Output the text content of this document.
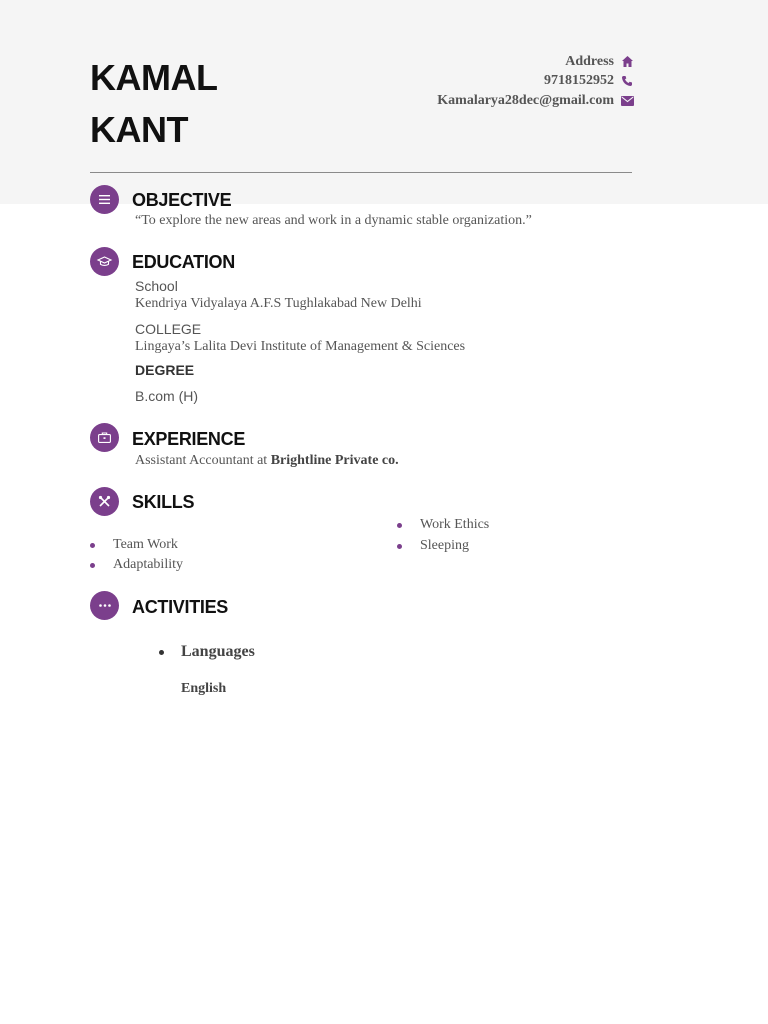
KAMAL
KANT
Address
9718152952
Kamalarya28dec@gmail.com
OBJECTIVE
“To explore the new areas and work in a dynamic stable organization.”
EDUCATION
School
Kendriya Vidyalaya A.F.S Tughlakabad New Delhi
COLLEGE
Lingaya’s Lalita Devi Institute of Management & Sciences
DEGREE
B.com (H)
EXPERIENCE
Assistant Accountant at Brightline Private co.
SKILLS
Work Ethics
Sleeping
Team Work
Adaptability
ACTIVITIES
Languages
English
